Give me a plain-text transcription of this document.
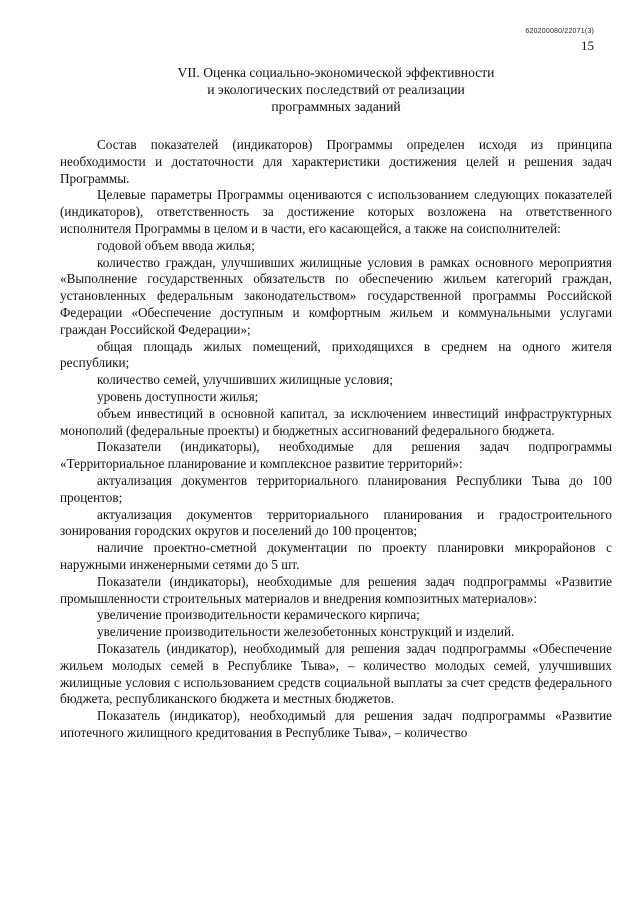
620200080/22071(3)
15
VII. Оценка социально-экономической эффективности
и экологических последствий от реализации
программных заданий

Состав показателей (индикаторов) Программы определен исходя из принципа необходимости и достаточности для характеристики достижения целей и решения задач Программы.

Целевые параметры Программы оцениваются с использованием следующих показателей (индикаторов), ответственность за достижение которых возложена на ответственного исполнителя Программы в целом и в части, его касающейся, а также на соисполнителей:

годовой объем ввода жилья;

количество граждан, улучшивших жилищные условия в рамках основного мероприятия «Выполнение государственных обязательств по обеспечению жильем категорий граждан, установленных федеральным законодательством» государственной программы Российской Федерации «Обеспечение доступным и комфортным жильем и коммунальными услугами граждан Российской Федерации»;

общая площадь жилых помещений, приходящихся в среднем на одного жителя республики;

количество семей, улучшивших жилищные условия;

уровень доступности жилья;

объем инвестиций в основной капитал, за исключением инвестиций инфраструктурных монополий (федеральные проекты) и бюджетных ассигнований федерального бюджета.

Показатели (индикаторы), необходимые для решения задач подпрограммы «Территориальное планирование и комплексное развитие территорий»:

актуализация документов территориального планирования Республики Тыва до 100 процентов;

актуализация документов территориального планирования и градостроительного зонирования городских округов и поселений до 100 процентов;

наличие проектно-сметной документации по проекту планировки микрорайонов с наружными инженерными сетями до 5 шт.

Показатели (индикаторы), необходимые для решения задач подпрограммы «Развитие промышленности строительных материалов и внедрения композитных материалов»:

увеличение производительности керамического кирпича;

увеличение производительности железобетонных конструкций и изделий.

Показатель (индикатор), необходимый для решения задач подпрограммы «Обеспечение жильем молодых семей в Республике Тыва», – количество молодых семей, улучшивших жилищные условия с использованием средств социальной выплаты за счет средств федерального бюджета, республиканского бюджета и местных бюджетов.

Показатель (индикатор), необходимый для решения задач подпрограммы «Развитие ипотечного жилищного кредитования в Республике Тыва», – количество
